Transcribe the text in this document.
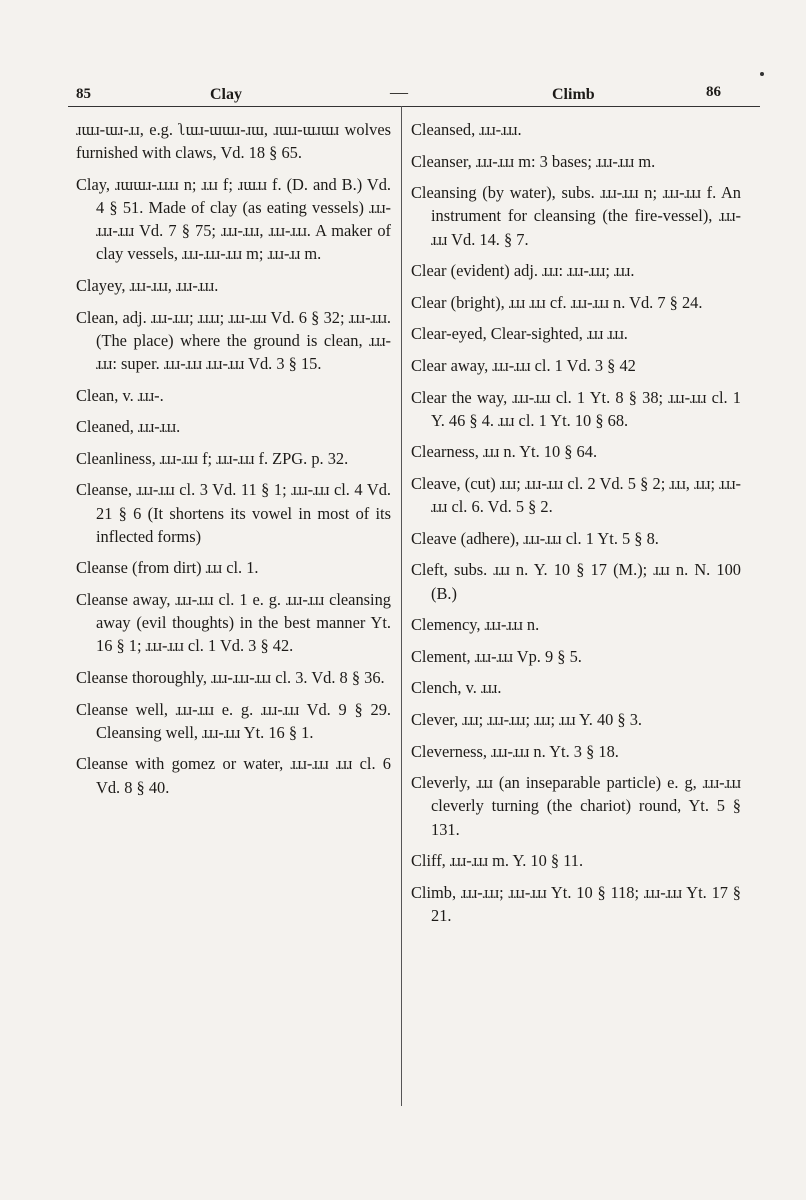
85	Clay	—	Climb	86

ɹɯɹ-ɯɹ-ɹɹ, e.g. ʅɯɹ-ɯɯɹ-ɹɯ, ɹɯɹ-ɯɹɯɹ wolves furnished with claws, Vd. 18 § 65.

Clay, ɹɯɯɹ-ɹɹɹɹ n; ɹɹɹ f; ɹɯɹɹ f. (D. and B.) Vd. 4 § 51. Made of clay (as eating vessels) ɹɹɹ-ɹɹɹ-ɹɹɹ Vd. 7 § 75; ɹɹɹ-ɹɹɹ, ɹɹɹ-ɹɹɹ. A maker of clay vessels, ɹɹɹ-ɹɹɹ-ɹɹɹ m; ɹɹɹ-ɹɹ m.

Clayey, ɹɹɹ-ɹɹɹ, ɹɹɹ-ɹɹɹ.

Clean, adj. ɹɹɹ-ɹɹɹ; ɹɹɹɹ; ɹɹɹ-ɹɹɹ Vd. 6 § 32; ɹɹɹ-ɹɹɹ. (The place) where the ground is clean, ɹɹɹ-ɹɹɹ: super. ɹɹɹ-ɹɹɹ ɹɹɹ-ɹɹɹ Vd. 3 § 15.

Clean, v. ɹɹɹ-.

Cleaned, ɹɹɹ-ɹɹɹ.

Cleanliness, ɹɹɹ-ɹɹɹ f; ɹɹɹ-ɹɹɹ f. ZPG. p. 32.

Cleanse, ɹɹɹ-ɹɹɹ cl. 3 Vd. 11 § 1; ɹɹɹ-ɹɹɹ cl. 4 Vd. 21 § 6 (It shortens its vowel in most of its inflected forms)

Cleanse (from dirt) ɹɹɹ cl. 1.

Cleanse away, ɹɹɹ-ɹɹɹ cl. 1 e. g. ɹɹɹ-ɹɹɹ cleansing away (evil thoughts) in the best manner Yt. 16 § 1; ɹɹɹ-ɹɹɹ cl. 1 Vd. 3 § 42.

Cleanse thoroughly, ɹɹɹ-ɹɹɹ-ɹɹɹ cl. 3. Vd. 8 § 36.

Cleanse well, ɹɹɹ-ɹɹɹ e. g. ɹɹɹ-ɹɹɹ Vd. 9 § 29. Cleansing well, ɹɹɹ-ɹɹɹ Yt. 16 § 1.

Cleanse with gomez or water, ɹɹɹ-ɹɹɹ ɹɹɹ cl. 6 Vd. 8 § 40.

Cleansed, ɹɹɹ-ɹɹɹ.

Cleanser, ɹɹɹ-ɹɹɹ m: 3 bases; ɹɹɹ-ɹɹɹ m.

Cleansing (by water), subs. ɹɹɹ-ɹɹɹ n; ɹɹɹ-ɹɹɹ f. An instrument for cleansing (the fire-vessel), ɹɹɹ-ɹɹɹ Vd. 14. § 7.

Clear (evident) adj. ɹɹɹ: ɹɹɹ-ɹɹɹ; ɹɹɹ.

Clear (bright), ɹɹɹ ɹɹɹ cf. ɹɹɹ-ɹɹɹ n. Vd. 7 § 24.

Clear-eyed, Clear-sighted, ɹɹɹ ɹɹɹ.

Clear away, ɹɹɹ-ɹɹɹ cl. 1 Vd. 3 § 42

Clear the way, ɹɹɹ-ɹɹɹ cl. 1 Yt. 8 § 38; ɹɹɹ-ɹɹɹ cl. 1 Y. 46 § 4. ɹɹɹ cl. 1 Yt. 10 § 68.

Clearness, ɹɹɹ n. Yt. 10 § 64.

Cleave, (cut) ɹɹɹ; ɹɹɹ-ɹɹɹ cl. 2 Vd. 5 § 2; ɹɹɹ, ɹɹɹ; ɹɹɹ-ɹɹɹ cl. 6. Vd. 5 § 2.

Cleave (adhere), ɹɹɹ-ɹɹɹ cl. 1 Yt. 5 § 8.

Cleft, subs. ɹɹɹ n. Y. 10 § 17 (M.); ɹɹɹ n. N. 100 (B.)

Clemency, ɹɹɹ-ɹɹɹ n.

Clement, ɹɹɹ-ɹɹɹ Vp. 9 § 5.

Clench, v. ɹɹɹ.

Clever, ɹɹɹ; ɹɹɹ-ɹɹɹ; ɹɹɹ; ɹɹɹ Y. 40 § 3.

Cleverness, ɹɹɹ-ɹɹɹ n. Yt. 3 § 18.

Cleverly, ɹɹɹ (an inseparable particle) e. g, ɹɹɹ-ɹɹɹ cleverly turning (the chariot) round, Yt. 5 § 131.

Cliff, ɹɹɹ-ɹɹɹ m. Y. 10 § 11.

Climb, ɹɹɹ-ɹɹɹ; ɹɹɹ-ɹɹɹ Yt. 10 § 118; ɹɹɹ-ɹɹɹ Yt. 17 § 21.
